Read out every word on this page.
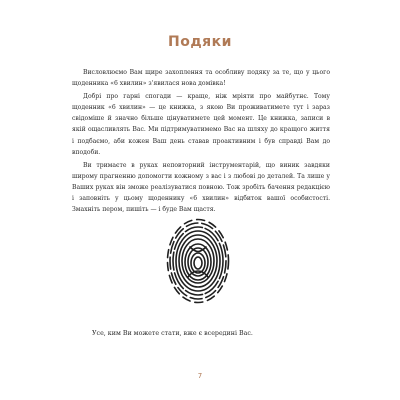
Подяки

Висловлюємо Вам щире захоплення та особливу подяку за те, що у цього щоденника «6 хвилин» з'явилася нова домівка!

Добрі про гарні спогади — краще, ніж мріяти про майбутнє. Тому щоденник «6 хвилин» — це книжка, з якою Ви проживатимете тут і зараз свідоміше й значно більше цінуватимете цей момент. Це книжка, записи в якій ощасливлять Вас. Ми підтримуватимемо Вас на шляху до кращого життя і подбаємо, аби кожен Ваш день ставав проактивним і був справді Вам до вподоби.

Ви тримаєте в руках неповторний інструментарій, що виник завдяки широму прагненню допомогти кожному з вас і з любові до деталей. Та лише у Ваших руках він зможе реалізуватися повною. Тож зробіть бачення редакцією і заповніть у цьому щоденнику «6 хвилин» відбиток вашої особистості. Змахніть пером, пишіть — і буде Вам щастя.

Усе, ким Ви можете стати, вже є всередині Вас.
7
